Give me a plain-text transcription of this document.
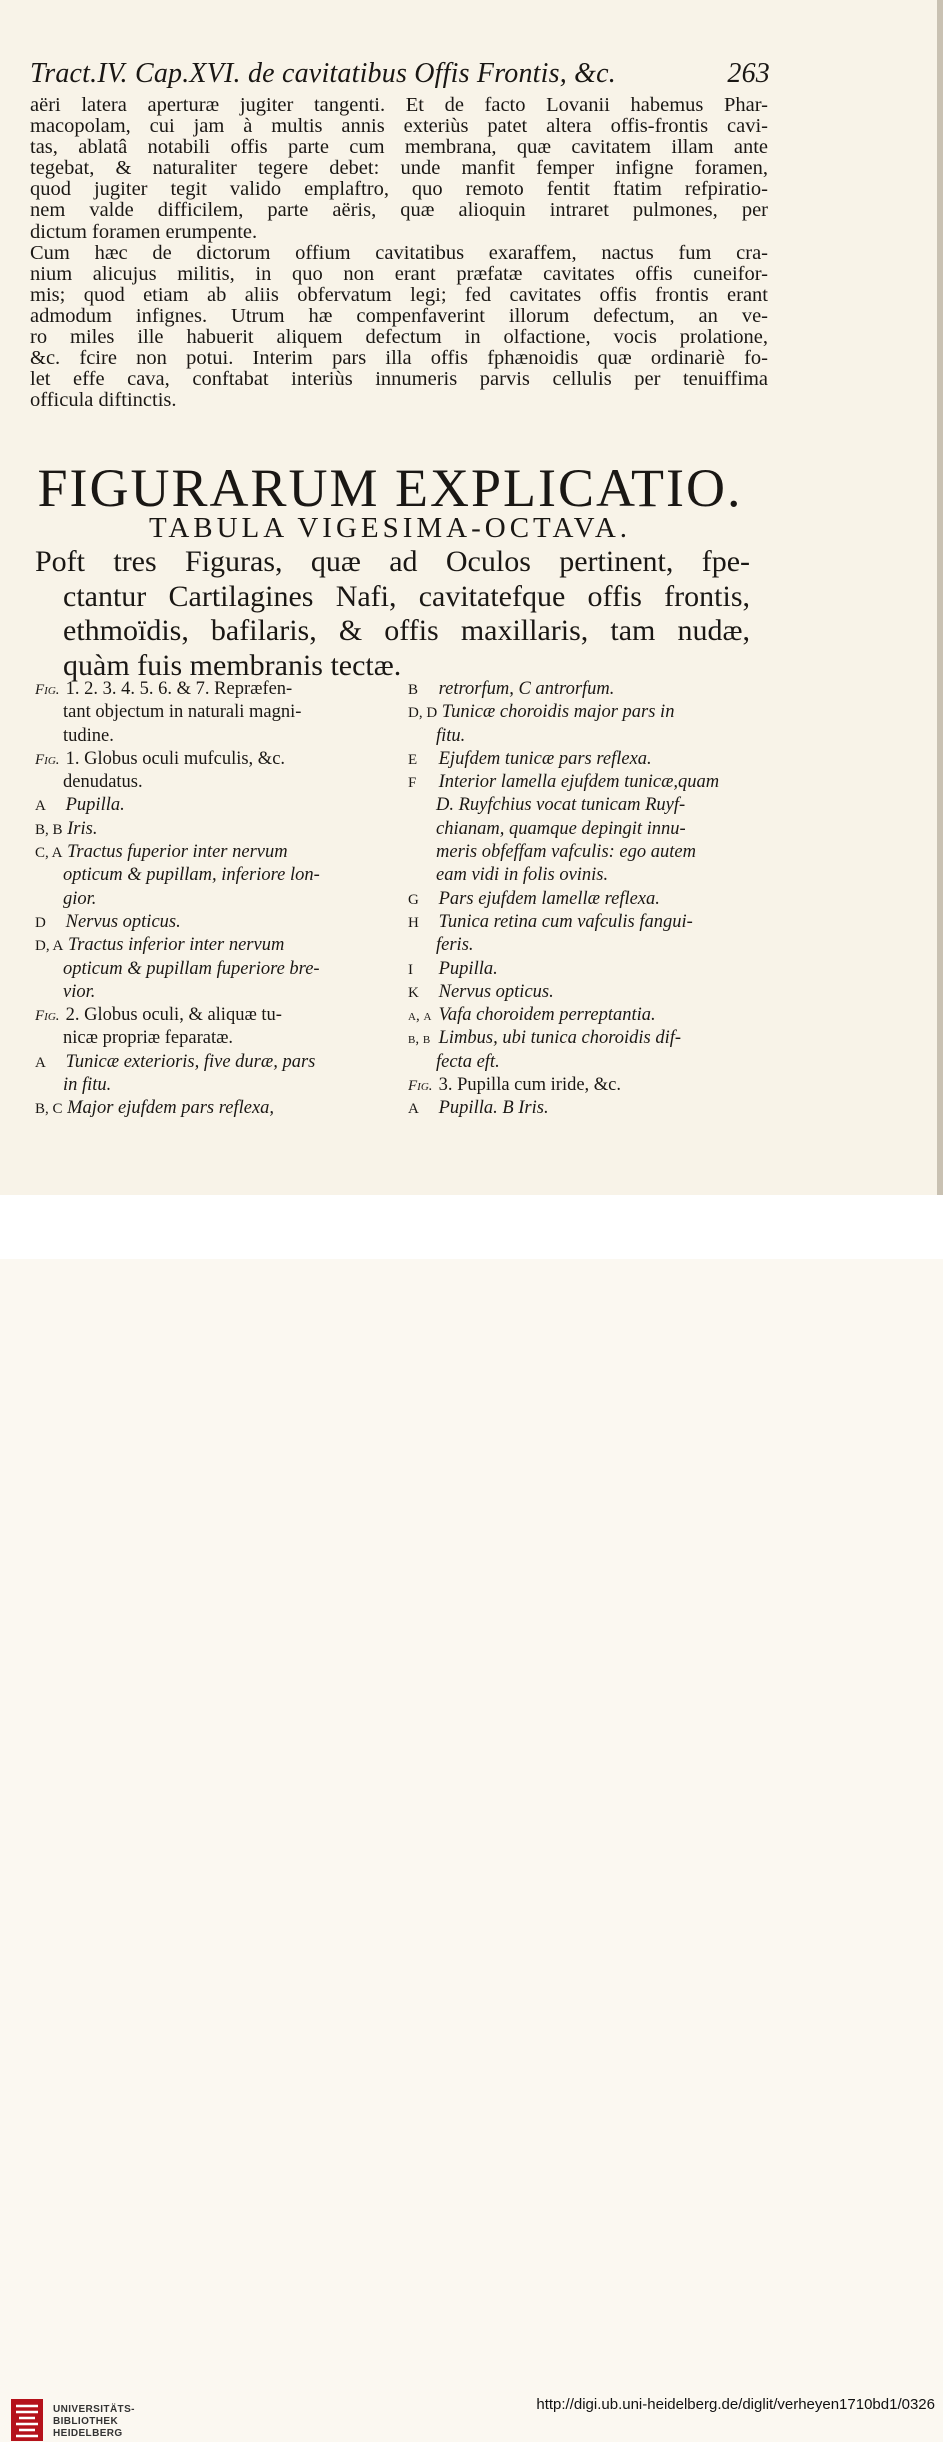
Tract.IV. Cap.XVI. de cavitatibus Offis Frontis, &c.	263
aëri latera aperturæ jugiter tangenti. Et de facto Lovanii habemus Phar-
macopolam, cui jam à multis annis exteriùs patet altera offis-frontis cavi-
tas, ablatâ notabili offis parte cum membrana, quæ cavitatem illam ante
tegebat, & naturaliter tegere debet: unde manfit femper infigne foramen,
quod jugiter tegit valido emplaftro, quo remoto fentit ftatim refpiratio-
nem valde difficilem, parte aëris, quæ alioquin intraret pulmones, per
dictum foramen erumpente.
Cum hæc de dictorum offium cavitatibus exaraffem, nactus fum cra-
nium alicujus militis, in quo non erant præfatæ cavitates offis cuneifor-
mis; quod etiam ab aliis obfervatum legi; fed cavitates offis frontis erant
admodum infignes. Utrum hæ compenfaverint illorum defectum, an ve-
ro miles ille habuerit aliquem defectum in olfactione, vocis prolatione,
&c. fcire non potui. Interim pars illa offis fphænoidis quæ ordinariè fo-
let effe cava, conftabat interiùs innumeris parvis cellulis per tenuiffima
officula diftinctis.
FIGURARUM EXPLICATIO.
TABULA VIGESIMA-OCTAVA.
Poft tres Figuras, quæ ad Oculos pertinent, fpe-
ctantur Cartilagines Nafi, cavitatefque offis frontis,
ethmoïdis, bafilaris, & offis maxillaris, tam nudæ,
quàm fuis membranis tectæ.
Fig. 1. 2. 3. 4. 5. 6. & 7. Repræfen-
tant objectum in naturali magni-
tudine.
Fig. 1. Globus oculi mufculis, &c.
denudatus.
A Pupilla.
B, B Iris.
C, A Tractus fuperior inter nervum
opticum & pupillam, inferiore lon-
gior.
D Nervus opticus.
D, A Tractus inferior inter nervum
opticum & pupillam fuperiore bre-
vior.
Fig. 2. Globus oculi, & aliquæ tu-
nicæ propriæ feparatæ.
A Tunicæ exterioris, five duræ, pars
in fitu.
B, C Major ejufdem pars reflexa,
B retrorfum, C antrorfum.
D, D Tunicæ choroidis major pars in
fitu.
E Ejufdem tunicæ pars reflexa.
F Interior lamella ejufdem tunicæ,quam
D. Ruyfchius vocat tunicam Ruyf-
chianam, quamque depingit innu-
meris obfeffam vafculis: ego autem
eam vidi in folis ovinis.
G Pars ejufdem lamellæ reflexa.
H Tunica retina cum vafculis fangui-
feris.
I Pupilla.
K Nervus opticus.
a, a Vafa choroidem perreptantia.
b, b Limbus, ubi tunica choroidis dif-
fecta eft.
Fig. 3. Pupilla cum iride, &c.
A Pupilla. B Iris.
UNIVERSITÄTS-
BIBLIOTHEK
HEIDELBERG
http://digi.ub.uni-heidelberg.de/diglit/verheyen1710bd1/0326
